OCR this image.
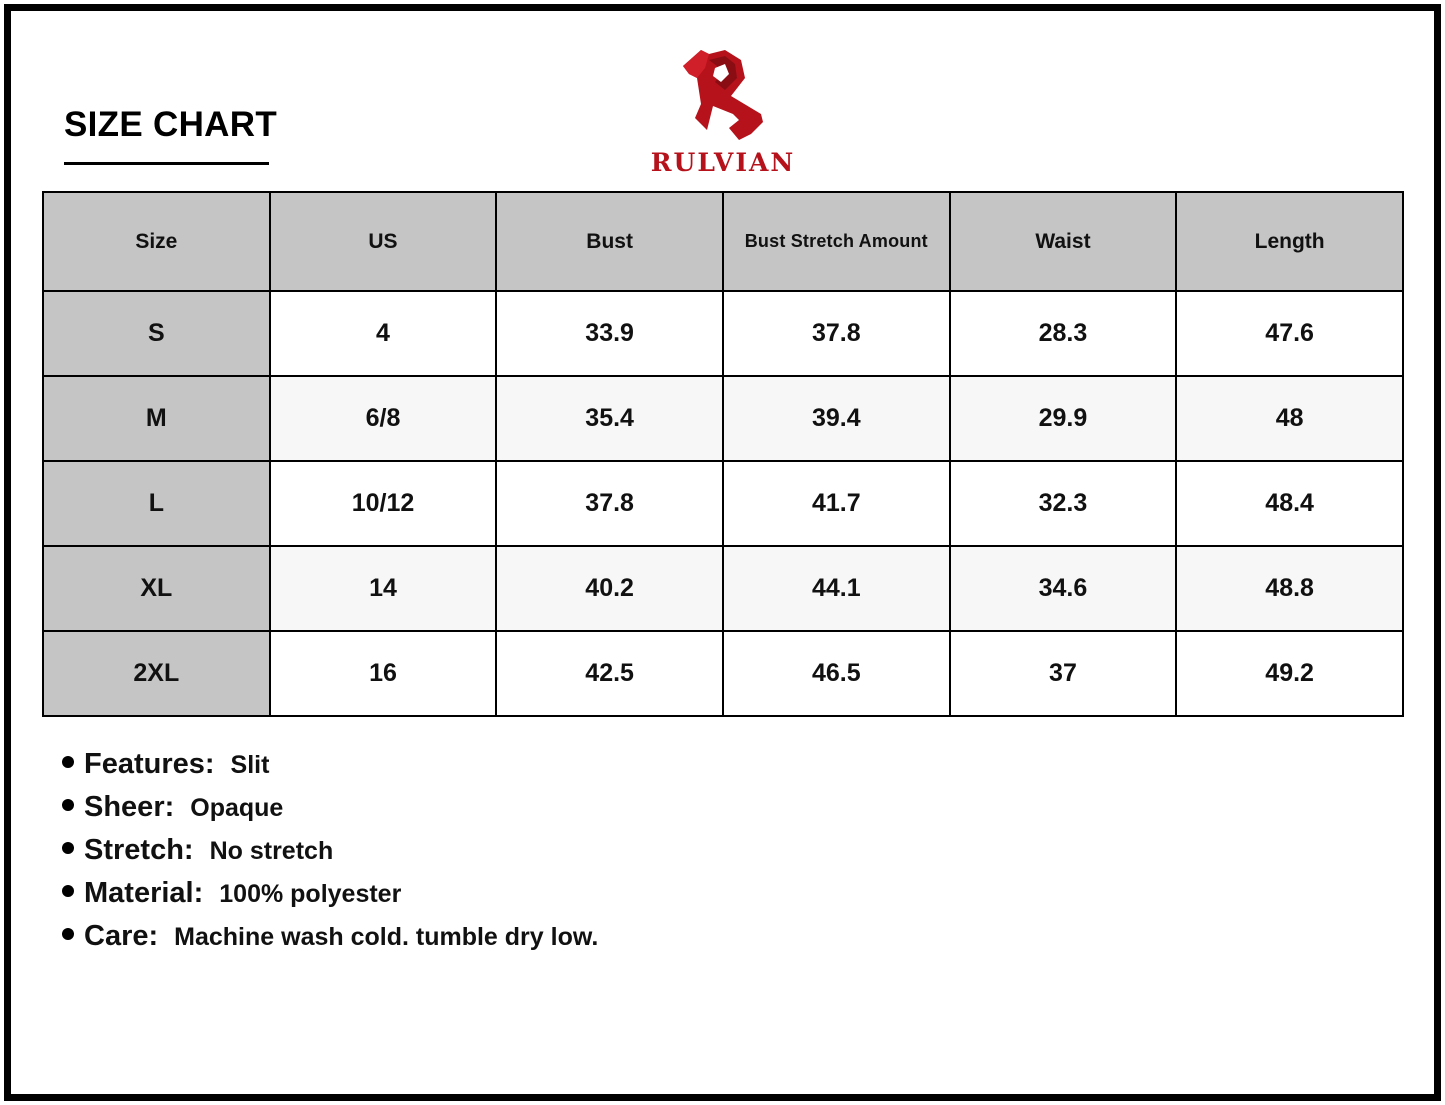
SIZE CHART
RULVIAN
Size	US	Bust	Bust Stretch Amount	Waist	Length
S	4	33.9	37.8	28.3	47.6
M	6/8	35.4	39.4	29.9	48
L	10/12	37.8	41.7	32.3	48.4
XL	14	40.2	44.1	34.6	48.8
2XL	16	42.5	46.5	37	49.2
Features: Slit
Sheer: Opaque
Stretch: No stretch
Material: 100% polyester
Care: Machine wash cold. tumble dry low.
